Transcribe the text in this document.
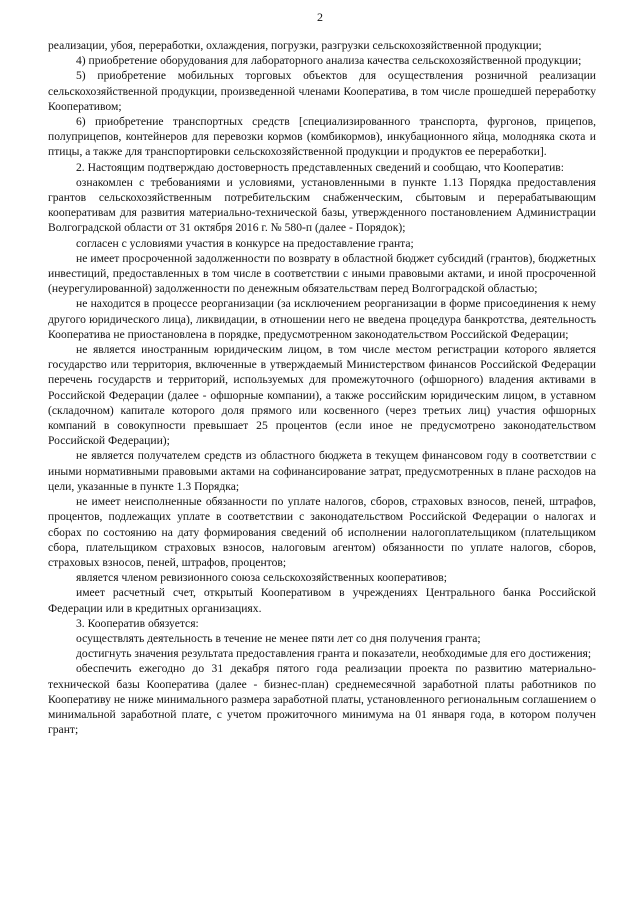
2

реализации, убоя, переработки, охлаждения, погрузки, разгрузки сельскохозяйственной продукции;

4) приобретение оборудования для лабораторного анализа качества сельскохозяйственной продукции;

5) приобретение мобильных торговых объектов для осуществления розничной реализации сельскохозяйственной продукции, произведенной членами Кооператива, в том числе прошедшей переработку Кооперативом;

6) приобретение транспортных средств [специализированного транспорта, фургонов, прицепов, полуприцепов, контейнеров для перевозки кормов (комбикормов), инкубационного яйца, молодняка скота и птицы, а также для транспортировки сельскохозяйственной продукции и продуктов ее переработки].

2. Настоящим подтверждаю достоверность представленных сведений и сообщаю, что Кооператив:

ознакомлен с требованиями и условиями, установленными в пункте 1.13 Порядка предоставления грантов сельскохозяйственным потребительским снабженческим, сбытовым и перерабатывающим кооперативам для развития материально-технической базы, утвержденного постановлением Администрации Волгоградской области от 31 октября 2016 г. № 580-п (далее - Порядок);

согласен с условиями участия в конкурсе на предоставление гранта;

не имеет просроченной задолженности по возврату в областной бюджет субсидий (грантов), бюджетных инвестиций, предоставленных в том числе в соответствии с иными правовыми актами, и иной просроченной (неурегулированной) задолженности по денежным обязательствам перед Волгоградской областью;

не находится в процессе реорганизации (за исключением реорганизации в форме присоединения к нему другого юридического лица), ликвидации, в отношении него не введена процедура банкротства, деятельность Кооператива не приостановлена в порядке, предусмотренном законодательством Российской Федерации;

не является иностранным юридическим лицом, в том числе местом регистрации которого является государство или территория, включенные в утверждаемый Министерством финансов Российской Федерации перечень государств и территорий, используемых для промежуточного (офшорного) владения активами в Российской Федерации (далее - офшорные компании), а также российским юридическим лицом, в уставном (складочном) капитале которого доля прямого или косвенного (через третьих лиц) участия офшорных компаний в совокупности превышает 25 процентов (если иное не предусмотрено законодательством Российской Федерации);

не является получателем средств из областного бюджета в текущем финансовом году в соответствии с иными нормативными правовыми актами на софинансирование затрат, предусмотренных в плане расходов на цели, указанные в пункте 1.3 Порядка;

не имеет неисполненные обязанности по уплате налогов, сборов, страховых взносов, пеней, штрафов, процентов, подлежащих уплате в соответствии с законодательством Российской Федерации о налогах и сборах по состоянию на дату формирования сведений об исполнении налогоплательщиком (плательщиком сбора, плательщиком страховых взносов, налоговым агентом) обязанности по уплате налогов, сборов, страховых взносов, пеней, штрафов, процентов;

является членом ревизионного союза сельскохозяйственных кооперативов;

имеет расчетный счет, открытый Кооперативом в учреждениях Центрального банка Российской Федерации или в кредитных организациях.

3. Кооператив обязуется:

осуществлять деятельность в течение не менее пяти лет со дня получения гранта;

достигнуть значения результата предоставления гранта и показатели, необходимые для его достижения;

обеспечить ежегодно до 31 декабря пятого года реализации проекта по развитию материально-технической базы Кооператива (далее - бизнес-план) среднемесячной заработной платы работников по Кооперативу не ниже минимального размера заработной платы, установленного региональным соглашением о минимальной заработной плате, с учетом прожиточного минимума на 01 января года, в котором получен грант;
